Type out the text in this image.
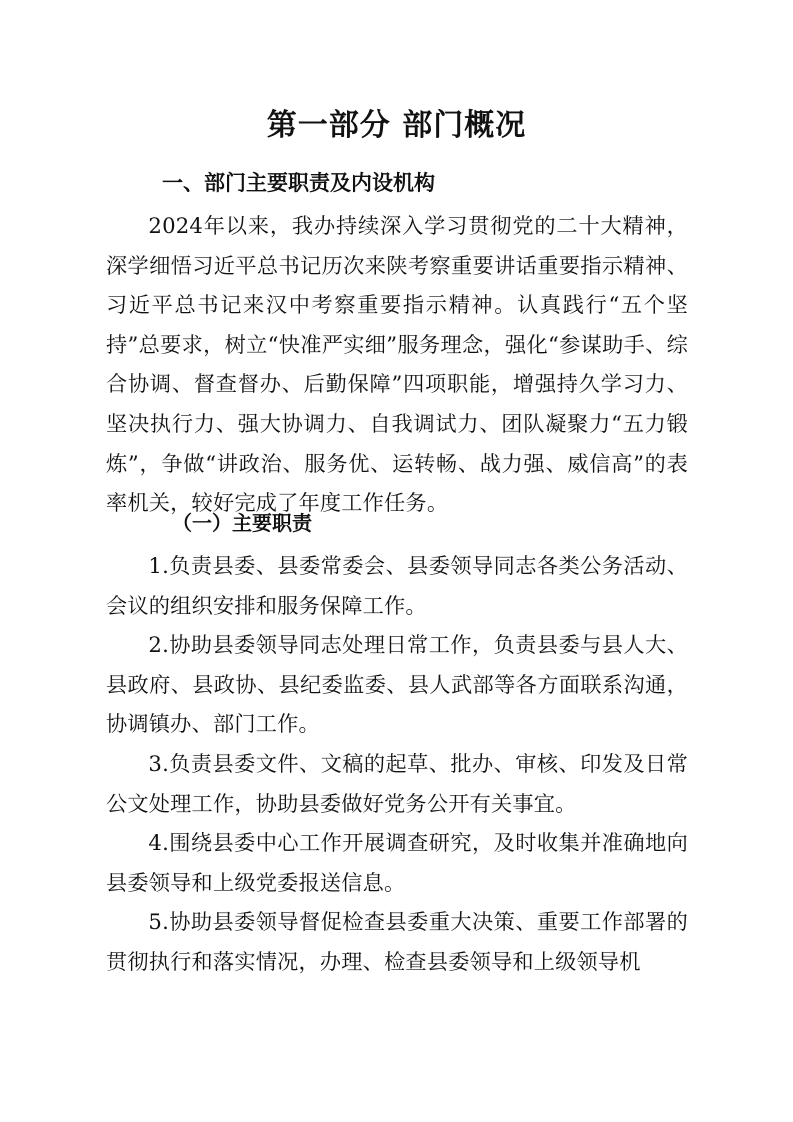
第一部分 部门概况
一、部门主要职责及内设机构

2024年以来，我办持续深入学习贯彻党的二十大精神，深学细悟习近平总书记历次来陕考察重要讲话重要指示精神、习近平总书记来汉中考察重要指示精神。认真践行“五个坚持”总要求，树立“快准严实细”服务理念，强化“参谋助手、综合协调、督查督办、后勤保障”四项职能，增强持久学习力、坚决执行力、强大协调力、自我调试力、团队凝聚力“五力锻炼”，争做“讲政治、服务优、运转畅、战力强、威信高”的表率机关，较好完成了年度工作任务。

（一）主要职责

1.负责县委、县委常委会、县委领导同志各类公务活动、会议的组织安排和服务保障工作。

2.协助县委领导同志处理日常工作，负责县委与县人大、县政府、县政协、县纪委监委、县人武部等各方面联系沟通，协调镇办、部门工作。

3.负责县委文件、文稿的起草、批办、审核、印发及日常公文处理工作，协助县委做好党务公开有关事宜。

4.围绕县委中心工作开展调查研究，及时收集并准确地向县委领导和上级党委报送信息。

5.协助县委领导督促检查县委重大决策、重要工作部署的贯彻执行和落实情况，办理、检查县委领导和上级领导机
